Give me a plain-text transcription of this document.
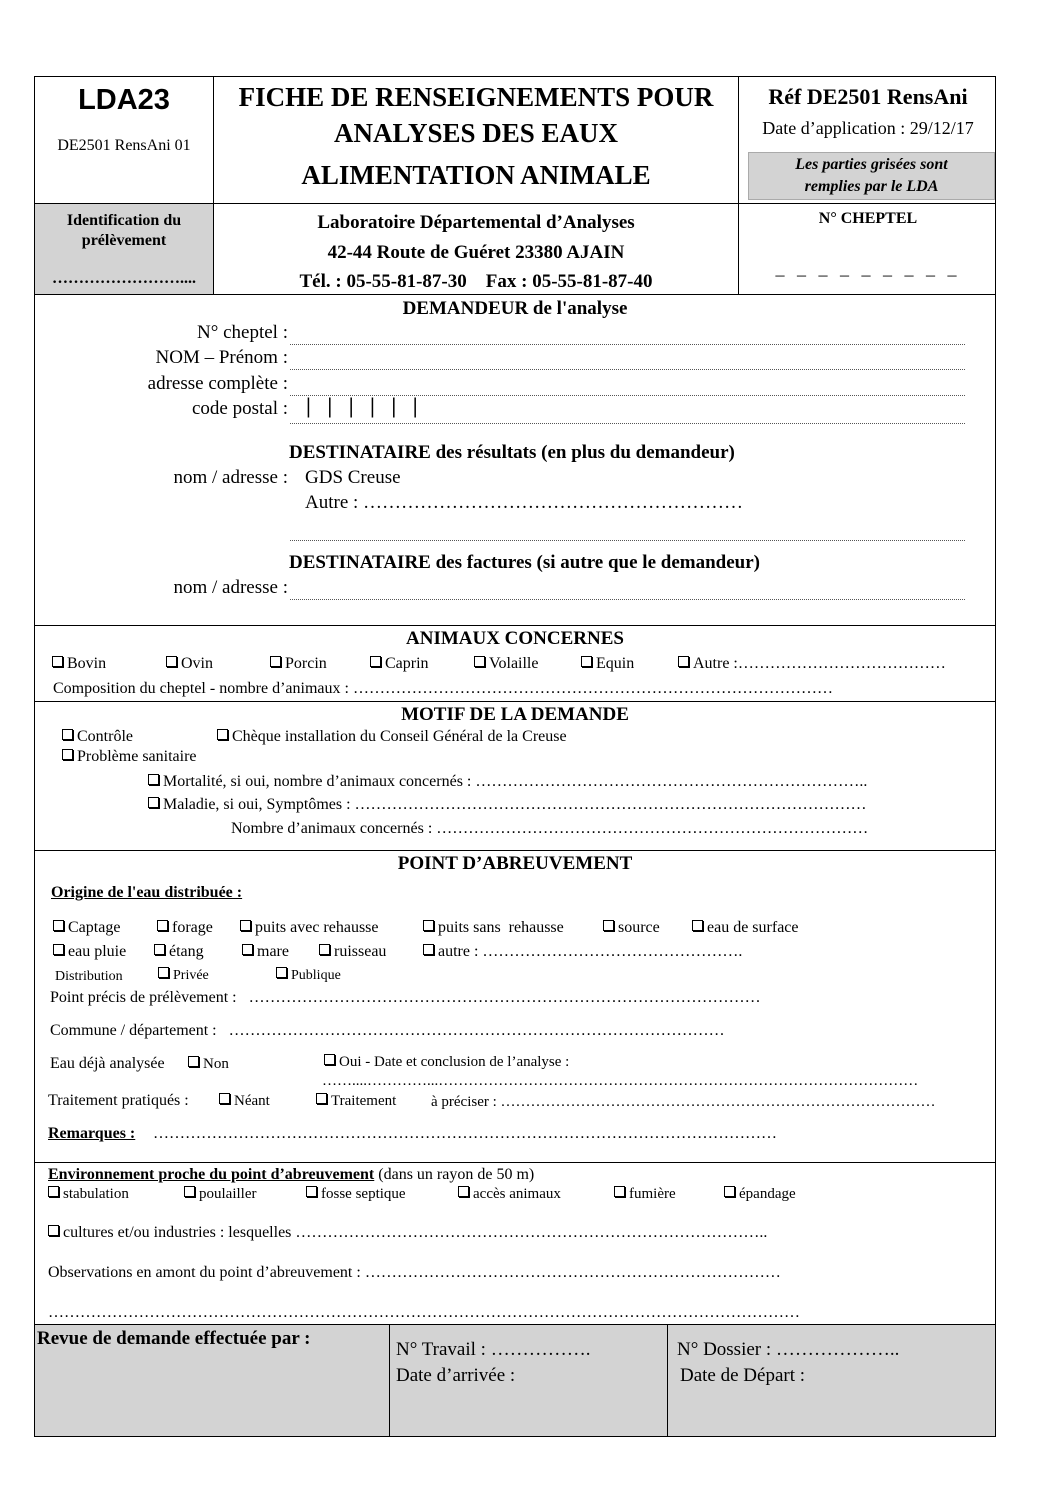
LDA23
DE2501 RensAni 01
FICHE DE RENSEIGNEMENTS POUR
ANALYSES DES EAUX
ALIMENTATION ANIMALE
Réf DE2501 RensAni
Date d’application : 29/12/17
Les parties grisées sont
remplies par le LDA
Identification du
prélèvement
……………………....
Laboratoire Départemental d’Analyses
42-44 Route de Guéret 23380 AJAIN
Tél. : 05-55-81-87-30    Fax : 05-55-81-87-40
N° CHEPTEL
_ _ _ _ _ _ _ _ _
DEMANDEUR de l'analyse
N° cheptel :
NOM – Prénom :
adresse complète :
code postal : |   |   |   |   |   |
DESTINATAIRE des résultats (en plus du demandeur)
nom / adresse : GDS Creuse
Autre : ……………………………………………………
DESTINATAIRE des factures (si autre que le demandeur)
nom / adresse :
ANIMAUX CONCERNES
Bovin	Ovin	Porcin	Caprin	Volaille	Equin	Autre :…………………………………
Composition du cheptel - nombre d’animaux : ………………………………………………………………………………
MOTIF DE LA DEMANDE
Contrôle	Chèque installation du Conseil Général de la Creuse
Problème sanitaire
Mortalité, si oui, nombre d’animaux concernés : ………………………………………………………………..
Maladie, si oui, Symptômes : ……………………………………………………………………………………
Nombre d’animaux concernés : ………………………………………………………………………
POINT D’ABREUVEMENT
Origine de l'eau distribuée :
Captage	forage	puits avec rehausse	puits sans  rehausse	source	eau de surface
eau pluie	étang	mare	ruisseau	autre : ………………………………………….
Distribution	Privée	Publique
Point précis de prélèvement :   ……………………………………………………………………………………
Commune / département :   …………………………………………………………………………………
Eau déjà analysée	Non	Oui - Date et conclusion de l’analyse :
……....…………...……………………………………………………………………………………
Traitement pratiqués :	Néant	Traitement à préciser : ……………………………………………………………………………
Remarques : ………………………………………………………………………………………………………
Environnement proche du point d’abreuvement (dans un rayon de 50 m)
stabulation	poulailler	fosse septique	accès animaux	fumière	épandage
cultures et/ou industries : lesquelles ……………………………………………………………………………..
Observations en amont du point d’abreuvement : ……………………………………………………………………
……………………………………………………………………………………………………………………………
Revue de demande effectuée par :
N° Travail : …………….
Date d’arrivée :
N° Dossier : ………………..
Date de Départ :
